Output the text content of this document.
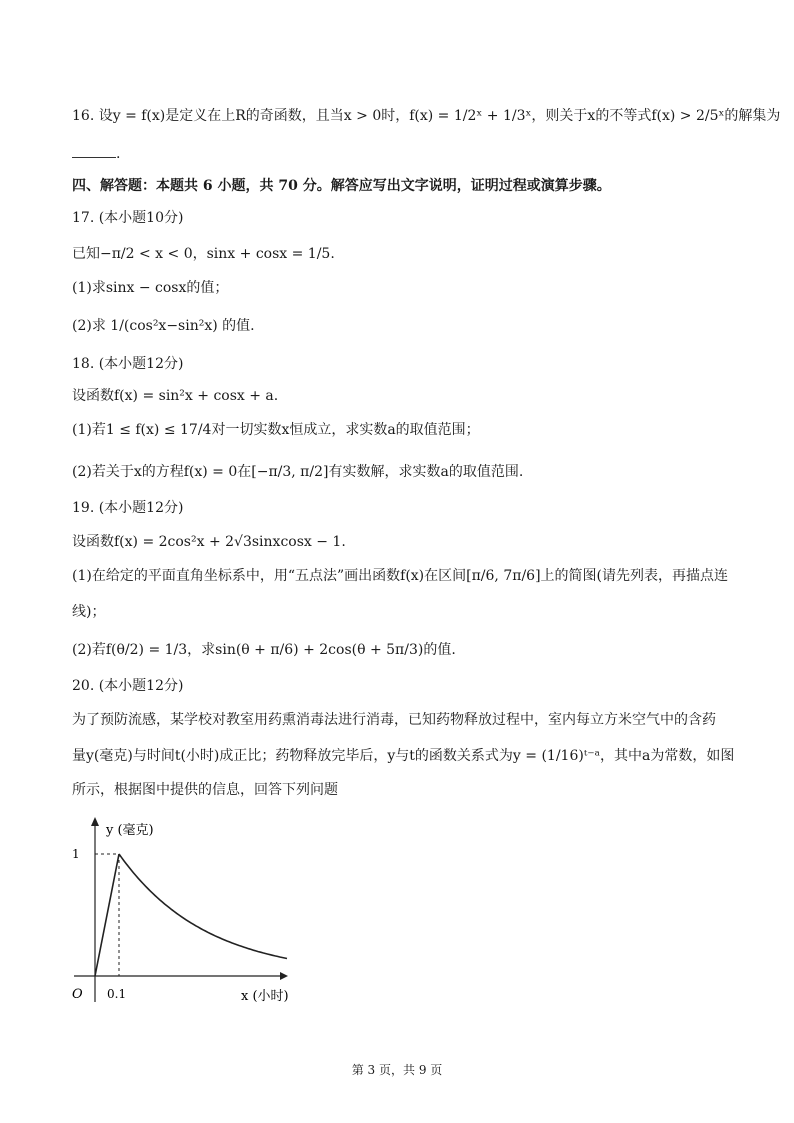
16. 设y = f(x)是定义在上R的奇函数，且当x > 0时，f(x) = 1/2ˣ + 1/3ˣ，则关于x的不等式f(x) > 2/5ˣ的解集为
.
四、解答题：本题共 6 小题，共 70 分。解答应写出文字说明，证明过程或演算步骤。
17. (本小题10分)
已知−π/2 < x < 0，sinx + cosx = 1/5.
(1)求sinx − cosx的值；
(2)求 1/(cos²x−sin²x) 的值.
18. (本小题12分)
设函数f(x) = sin²x + cosx + a.
(1)若1 ≤ f(x) ≤ 17/4对一切实数x恒成立，求实数a的取值范围；
(2)若关于x的方程f(x) = 0在[−π/3, π/2]有实数解，求实数a的取值范围.
19. (本小题12分)
设函数f(x) = 2cos²x + 2√3sinxcosx − 1.
(1)在给定的平面直角坐标系中，用“五点法”画出函数f(x)在区间[π/6, 7π/6]上的简图(请先列表，再描点连
线)；
(2)若f(θ/2) = 1/3，求sin(θ + π/6) + 2cos(θ + 5π/3)的值.
20. (本小题12分)
为了预防流感，某学校对教室用药熏消毒法进行消毒，已知药物释放过程中，室内每立方米空气中的含药
量y(毫克)与时间t(小时)成正比；药物释放完毕后，y与t的函数关系式为y = (1/16)ᵗ⁻ᵃ，其中a为常数，如图
所示，根据图中提供的信息，回答下列问题
y (毫克)
x (小时)
O 0.1
1
第 3 页，共 9 页
